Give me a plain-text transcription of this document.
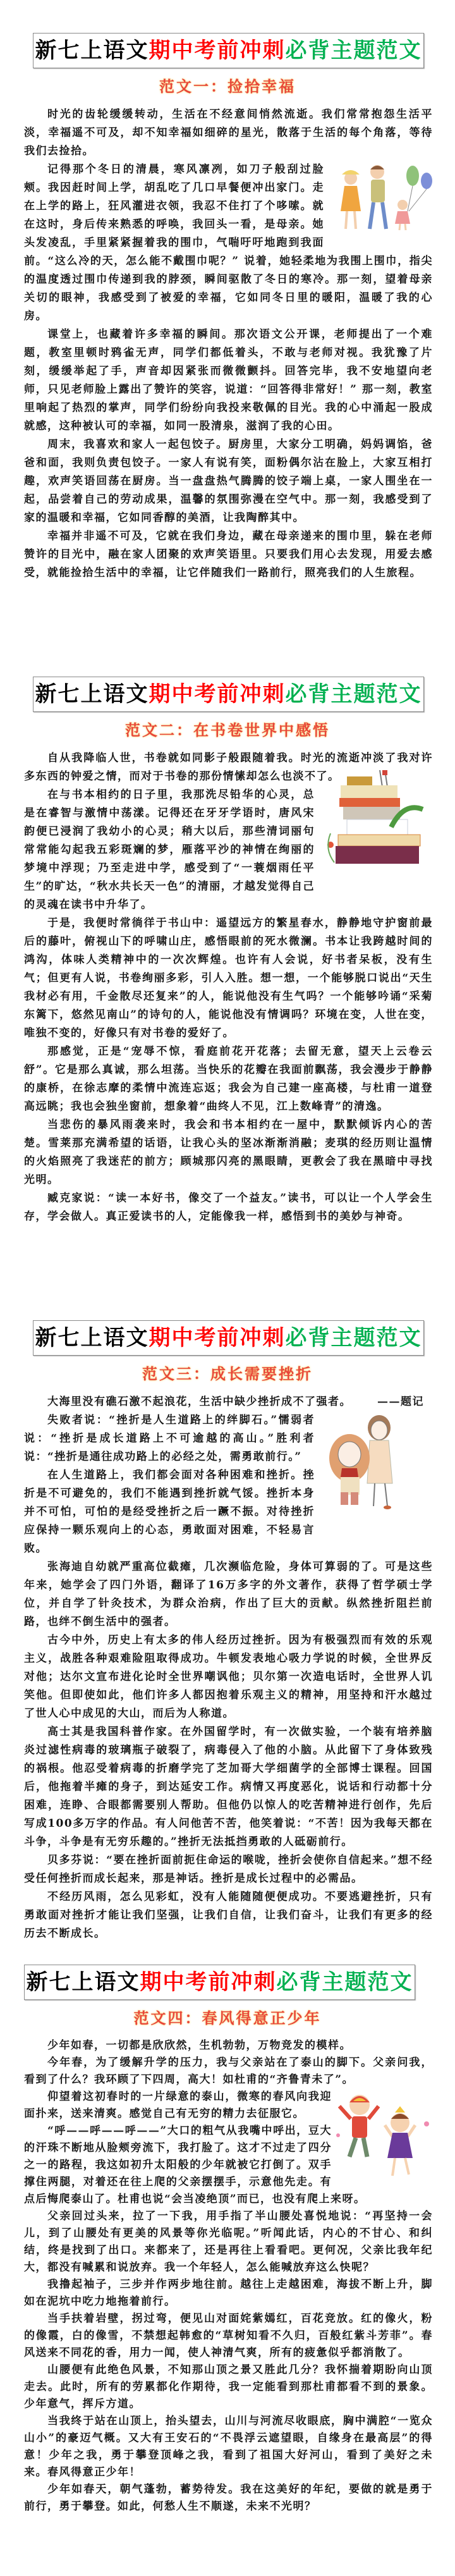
新七上语文期中考前冲刺必背主题范文
范文一：捡拾幸福

时光的齿轮缓缓转动，生活在不经意间悄然流逝。我们常常抱怨生活平淡，幸福遥不可及，却不知幸福如细碎的星光，散落于生活的每个角落，等待我们去捡拾。

记得那个冬日的清晨，寒风凛冽，如刀子般刮过脸颊。我因赶时间上学，胡乱吃了几口早餐便冲出家门。走在上学的路上，狂风灌进衣领，我忍不住打了个哆嗦。就在这时，身后传来熟悉的呼唤，我回头一看，是母亲。她头发凌乱，手里紧紧握着我的围巾，气喘吁吁地跑到我面前。“这么冷的天，怎么能不戴围巾呢？” 说着，她轻柔地为我围上围巾，指尖的温度透过围巾传递到我的脖颈，瞬间驱散了冬日的寒冷。那一刻，望着母亲关切的眼神，我感受到了被爱的幸福，它如同冬日里的暖阳，温暖了我的心房。

课堂上，也藏着许多幸福的瞬间。那次语文公开课，老师提出了一个难题，教室里顿时鸦雀无声，同学们都低着头，不敢与老师对视。我犹豫了片刻，缓缓举起了手，声音却因紧张而微微颤抖。回答完毕，我不安地望向老师，只见老师脸上露出了赞许的笑容，说道：“回答得非常好！” 那一刻，教室里响起了热烈的掌声，同学们纷纷向我投来敬佩的目光。我的心中涌起一股成就感，这种被认可的幸福，如同一股清泉，滋润了我的心田。

周末，我喜欢和家人一起包饺子。厨房里，大家分工明确，妈妈调馅，爸爸和面，我则负责包饺子。一家人有说有笑，面粉偶尔沾在脸上，大家互相打趣，欢声笑语回荡在厨房。当一盘盘热气腾腾的饺子端上桌，一家人围坐在一起，品尝着自己的劳动成果，温馨的氛围弥漫在空气中。那一刻，我感受到了家的温暖和幸福，它如同香醇的美酒，让我陶醉其中。

幸福并非遥不可及，它就在我们身边，藏在母亲递来的围巾里，躲在老师赞许的目光中，融在家人团聚的欢声笑语里。只要我们用心去发现，用爱去感受，就能捡拾生活中的幸福，让它伴随我们一路前行，照亮我们的人生旅程。

新七上语文期中考前冲刺必背主题范文
范文二：在书卷世界中感悟

自从我降临人世，书卷就如同影子般跟随着我。时光的流逝冲淡了我对许多东西的钟爱之情，而对于书卷的那份情愫却怎么也淡不了。

在与书本相约的日子里，我那洗尽铅华的心灵，总是在睿智与激情中荡漾。记得还在牙牙学语时，唐风宋韵便已浸润了我幼小的心灵；稍大以后，那些清词丽句常常能勾起我五彩斑斓的梦，雁落平沙的神情在绚丽的梦境中浮现；乃至走进中学，感受到了“一蓑烟雨任平生”的旷达，“秋水共长天一色”的清丽，才越发觉得自己的灵魂在读书中升华了。

于是，我便时常徜徉于书山中：遥望远方的繁星春水，静静地守护窗前最后的藤叶，俯视山下的呼啸山庄，感悟眼前的死水微澜。书本让我跨越时间的鸿沟，体味人类精神中的一次次辉煌。也许有人会说，好书者呆板，没有生气；但更有人说，书卷绚丽多彩，引人入胜。想一想，一个能够脱口说出“天生我材必有用，千金散尽还复来”的人，能说他没有生气吗？一个能够吟诵“采菊东篱下，悠然见南山”的诗句的人，能说他没有情调吗？环境在变，人世在变，唯独不变的，好像只有对书卷的爱好了。

那感觉，正是“宠辱不惊，看庭前花开花落；去留无意，望天上云卷云舒”。它是那么真诚，那么坦荡。当快乐的花瓣在我面前飘荡，我会漫步于静静的康桥，在徐志摩的柔情中流连忘返；我会为自己建一座高楼，与杜甫一道登高远眺；我也会独坐窗前，想象着“曲终人不见，江上数峰青”的清逸。

当悲伤的暴风雨袭来时，我会和书本相约在一屋中，默默倾诉内心的苦楚。雪莱那充满希望的话语，让我心头的坚冰渐渐消融；麦琪的经历则让温情的火焰照亮了我迷茫的前方；顾城那闪亮的黑眼睛，更教会了我在黑暗中寻找光明。

臧克家说：“读一本好书，像交了一个益友。”读书，可以让一个人学会生存，学会做人。真正爱读书的人，定能像我一样，感悟到书的美妙与神奇。

新七上语文期中考前冲刺必背主题范文
范文三：成长需要挫折

大海里没有礁石激不起浪花，生活中缺少挫折成不了强者。	——题记

失败者说：“挫折是人生道路上的绊脚石。”懦弱者说：“挫折是成长道路上不可逾越的高山。”胜利者说：“挫折是通往成功路上的必经之处，需勇敢前行。”

在人生道路上，我们都会面对各种困难和挫折。挫折是不可避免的，我们不能遇到挫折就气馁。挫折本身并不可怕，可怕的是经受挫折之后一蹶不振。对待挫折应保持一颗乐观向上的心态，勇敢面对困难，不轻易言败。

张海迪自幼就严重高位截瘫，几次濒临危险，身体可算弱的了。可是这些年来，她学会了四门外语，翻译了16万多字的外文著作，获得了哲学硕士学位，并自学了针灸技术，为群众治病，作出了巨大的贡献。纵然挫折阻拦前路，也绊不倒生活中的强者。

古今中外，历史上有太多的伟人经历过挫折。因为有极强烈而有效的乐观主义，战胜各种艰难险阻取得成功。牛顿发表地心吸力学说的时候，全世界反对他；达尔文宣布进化论时全世界嘲讽他；贝尔第一次造电话时，全世界人讥笑他。但即使如此，他们许多人都因抱着乐观主义的精神，用坚持和汗水越过了世人心中成见的大山，而后为人称道。

高士其是我国科普作家。在外国留学时，有一次做实验，一个装有培养脑炎过滤性病毒的玻璃瓶子破裂了，病毒侵入了他的小脑。从此留下了身体致残的祸根。他忍受着病毒的折磨学完了芝加哥大学细菌学的全部博士课程。回国后，他拖着半瘫的身子，到达延安工作。病情又再度恶化，说话和行动都十分困难，连睁、合眼都需要别人帮助。但他仍以惊人的吃苦精神进行创作，先后写成100多万字的作品。有人问他苦不苦，他笑着说：“不苦！因为我每天都在斗争，斗争是有无穷乐趣的。”挫折无法抵挡勇敢的人砥砺前行。

贝多芬说：“要在挫折面前扼住命运的喉咙，挫折会使你自信起来。”想不经受任何挫折而成长起来，那是神话。挫折是成长过程中的必需品。

不经历风雨，怎么见彩虹，没有人能随随便便成功。不要逃避挫折，只有勇敢面对挫折才能让我们坚强，让我们自信，让我们奋斗，让我们有更多的经历去不断成长。

新七上语文期中考前冲刺必背主题范文
范文四：春风得意正少年

少年如春，一切都是欣欣然，生机勃勃，万物竞发的模样。

今年春，为了缓解升学的压力，我与父亲站在了泰山的脚下。父亲问我，看到了什么？我环顾了下四周，高大！如杜甫的“齐鲁青未了”。

仰望着这初春时的一片绿意的泰山，微寒的春风向我迎面扑来，送来清爽。感觉自己有无穷的精力去征服它。

“呼——呼——呼——”大口的粗气从我嘴中呼出，豆大的汗珠不断地从脸颊旁流下，我打脸了。这才不过走了四分之一的路程，我这如初升太阳般的少年就被它打倒了。双手撑住两腿，对着还在往上爬的父亲摆摆手，示意他先走。有点后悔爬泰山了。杜甫也说“会当凌绝顶”而已，也没有爬上来呀。

父亲回过头来，拉了一下我，用手指了半山腰处喜悦地说：“再坚持一会儿，到了山腰处有更美的风景等你光临呢。”听闻此话，内心的不甘心、和纠结，终是找到了出口。来都来了，还是再往上看看吧。更何况，父亲比我年纪大，都没有喊累和说放弃。我一个年轻人，怎么能喊放弃这么快呢？

我撸起袖子，三步并作两步地往前。越往上走越困难，海拔不断上升，脚如在泥坑中吃力地拖着前行。

当手扶着岩壁，拐过弯，便见山对面姹紫嫣红，百花竞放。红的像火，粉的像霞，白的像雪，不禁想起韩愈的“草树知看不久归，百般红紫斗芳菲”。春风送来不同花的香，用力一闻，使人神清气爽，所有的疲惫似乎都消散了。

山腰便有此绝色风景，不知那山顶之景又胜此几分？我怀揣着期盼向山顶走去。此时，所有的劳累都化作期待，我一定能看到那杜甫都看不到的景象。少年意气，挥斥方道。

当我终于站在山顶上，抬头望去，山川与河流尽收眼底，胸中满腔“一览众山小”的豪迈气概。又大有王安石的“不畏浮云遮望眼，自缘身在最高层”的得意！少年之我，勇于攀登顶峰之我，看到了祖国大好河山，看到了美好之未来。春风得意正少年！

少年如春天，朝气蓬勃，蓄势待发。我在这美好的年纪，要做的就是勇于前行，勇于攀登。如此，何愁人生不顺遂，未来不光明？
